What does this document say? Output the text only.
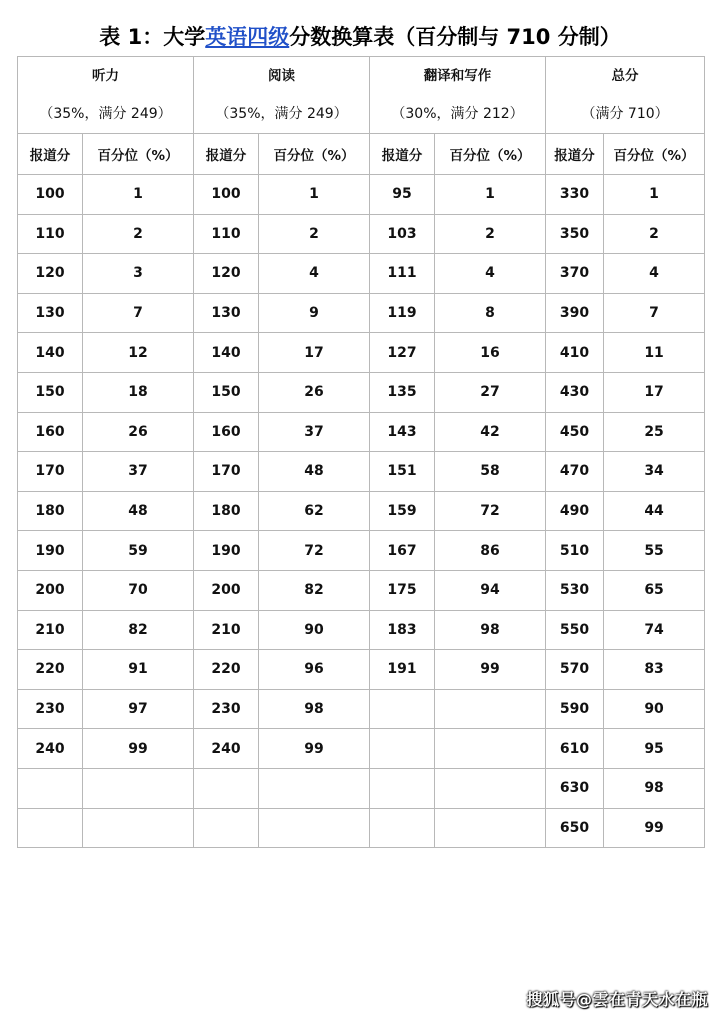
表 1：大学英语四级分数换算表（百分制与 710 分制）
听力
（35%，满分 249）		阅读
（35%，满分 249）		翻译和写作
（30%，满分 212）		总分
（满分 710）	

报道分	百分位（%）	报道分	百分位（%）	报道分	百分位（%）	报道分	百分位（%）
100	1	100	1	95	1	330	1
110	2	110	2	103	2	350	2
120	3	120	4	111	4	370	4
130	7	130	9	119	8	390	7
140	12	140	17	127	16	410	11
150	18	150	26	135	27	430	17
160	26	160	37	143	42	450	25
170	37	170	48	151	58	470	34
180	48	180	62	159	72	490	44
190	59	190	72	167	86	510	55
200	70	200	82	175	94	530	65
210	82	210	90	183	98	550	74
220	91	220	96	191	99	570	83
230	97	230	98			590	90
240	99	240	99			610	95
						630	98
						650	99
搜狐号@雲在青天水在瓶
